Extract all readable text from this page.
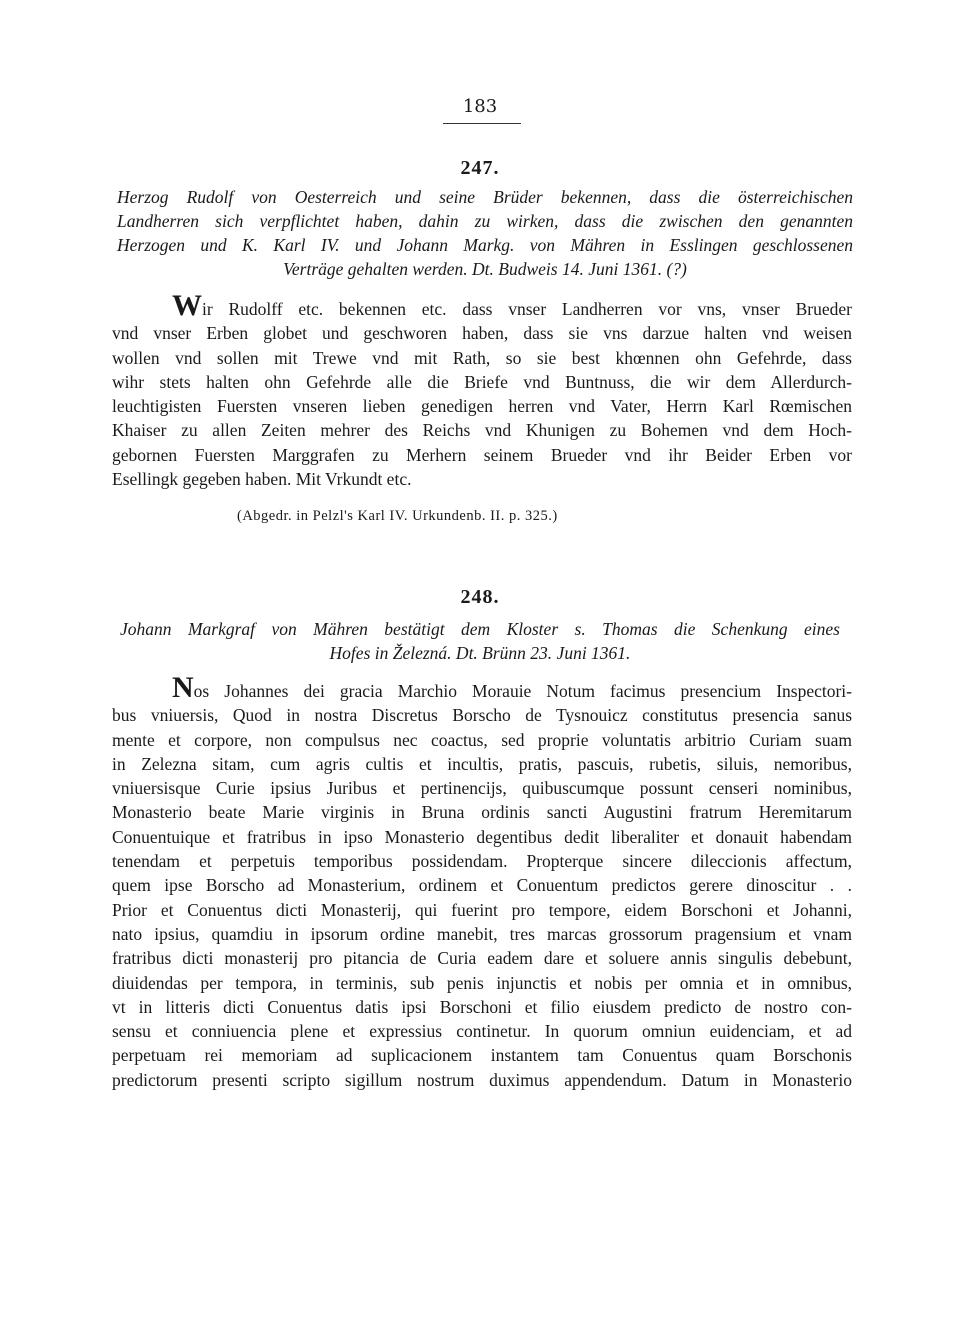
183
247.
Herzog Rudolf von Oesterreich und seine Brüder bekennen, dass die österreichischen
Landherren sich verpflichtet haben, dahin zu wirken, dass die zwischen den genannten
Herzogen und K. Karl IV. und Johann Markg. von Mähren in Esslingen geschlossenen
Verträge gehalten werden. Dt. Budweis 14. Juni 1361. (?)
Wir Rudolff etc. bekennen etc. dass vnser Landherren vor vns, vnser Brueder
vnd vnser Erben globet und geschworen haben, dass sie vns darzue halten vnd weisen
wollen vnd sollen mit Trewe vnd mit Rath, so sie best khœnnen ohn Gefehrde, dass
wihr stets halten ohn Gefehrde alle die Briefe vnd Buntnuss, die wir dem Allerdurch-
leuchtigisten Fuersten vnseren lieben genedigen herren vnd Vater, Herrn Karl Rœmischen
Khaiser zu allen Zeiten mehrer des Reichs vnd Khunigen zu Bohemen vnd dem Hoch-
gebornen Fuersten Marggrafen zu Merhern seinem Brueder vnd ihr Beider Erben vor
Esellingk gegeben haben. Mit Vrkundt etc.
(Abgedr. in Pelzl's Karl IV. Urkundenb. II. p. 325.)
248.
Johann Markgraf von Mähren bestätigt dem Kloster s. Thomas die Schenkung eines
Hofes in Železná. Dt. Brünn 23. Juni 1361.
Nos Johannes dei gracia Marchio Morauie Notum facimus presencium Inspectori-
bus vniuersis, Quod in nostra Discretus Borscho de Tysnouicz constitutus presencia sanus
mente et corpore, non compulsus nec coactus, sed proprie voluntatis arbitrio Curiam suam
in Zelezna sitam, cum agris cultis et incultis, pratis, pascuis, rubetis, siluis, nemoribus,
vniuersisque Curie ipsius Juribus et pertinencijs, quibuscumque possunt censeri nominibus,
Monasterio beate Marie virginis in Bruna ordinis sancti Augustini fratrum Heremitarum
Conuentuique et fratribus in ipso Monasterio degentibus dedit liberaliter et donauit habendam
tenendam et perpetuis temporibus possidendam. Propterque sincere dileccionis affectum,
quem ipse Borscho ad Monasterium, ordinem et Conuentum predictos gerere dinoscitur . .
Prior et Conuentus dicti Monasterij, qui fuerint pro tempore, eidem Borschoni et Johanni,
nato ipsius, quamdiu in ipsorum ordine manebit, tres marcas grossorum pragensium et vnam
fratribus dicti monasterij pro pitancia de Curia eadem dare et soluere annis singulis debebunt,
diuidendas per tempora, in terminis, sub penis injunctis et nobis per omnia et in omnibus,
vt in litteris dicti Conuentus datis ipsi Borschoni et filio eiusdem predicto de nostro con-
sensu et conniuencia plene et expressius continetur. In quorum omniun euidenciam, et ad
perpetuam rei memoriam ad suplicacionem instantem tam Conuentus quam Borschonis
predictorum presenti scripto sigillum nostrum duximus appendendum. Datum in Monasterio
